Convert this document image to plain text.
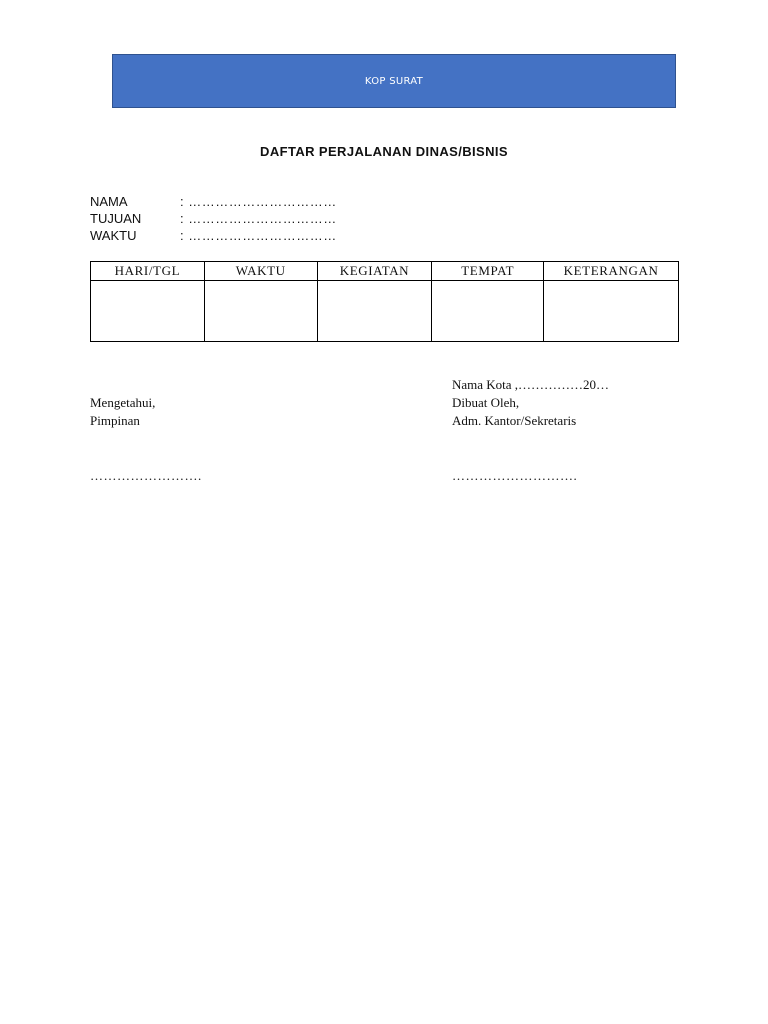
KOP SURAT
DAFTAR PERJALANAN DINAS/BISNIS
NAMA	: ……………………………
TUJUAN	: ……………………………
WAKTU	: ……………………………
HARI/TGL	WAKTU	KEGIATAN	TEMPAT	KETERANGAN

Nama Kota ,……………20…
Mengetahui,
Pimpinan
…………………….
Dibuat Oleh,
Adm. Kantor/Sekretaris
……………………….
